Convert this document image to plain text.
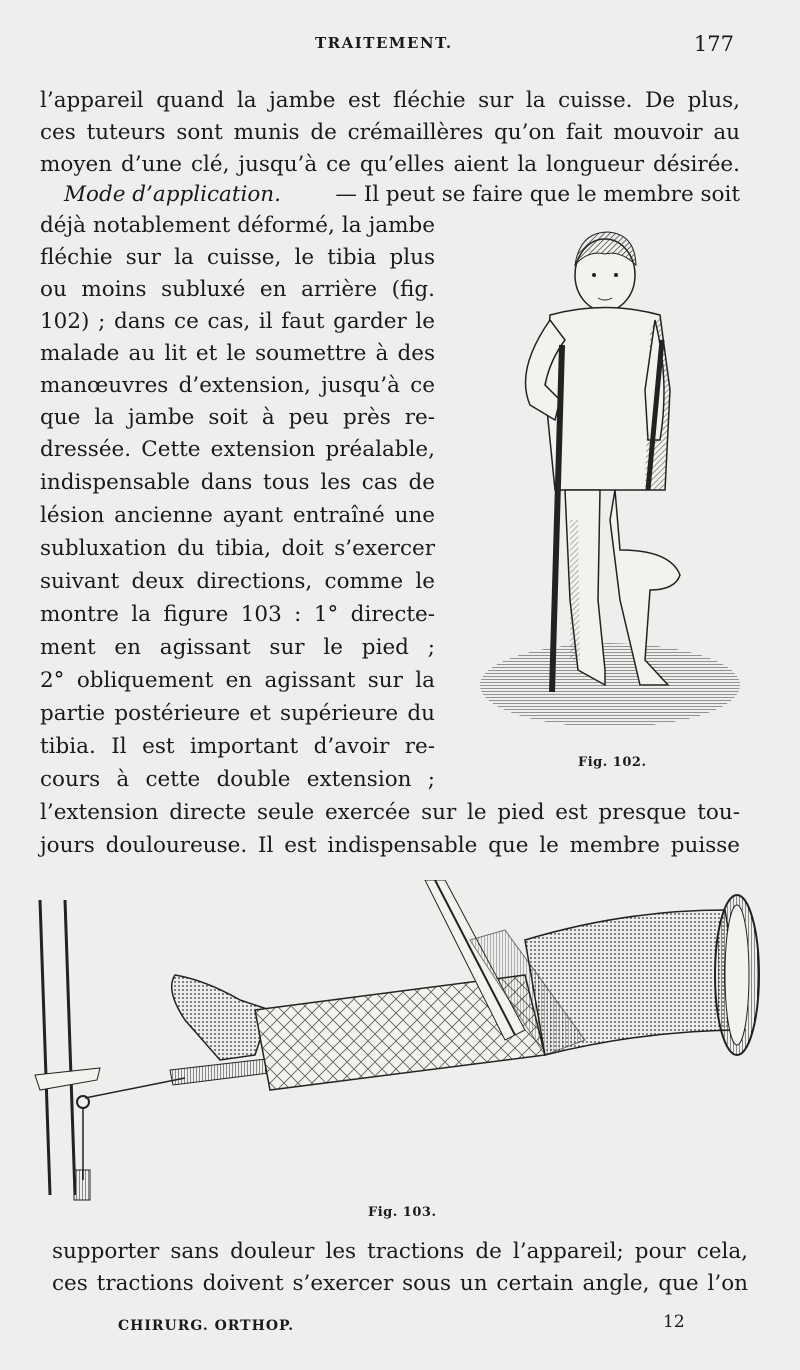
TRAITEMENT.	177
l’appareil quand la jambe est fléchie sur la cuisse. De plus,
ces tuteurs sont munis de crémaillères qu’on fait mouvoir au
moyen d’une clé, jusqu’à ce qu’elles aient la longueur désirée.
Mode d’application.	— Il peut se faire que le membre soit
déjà notablement déformé, la jambe
fléchie sur la cuisse, le tibia plus
ou moins subluxé en arrière (fig.
102) ; dans ce cas, il faut garder le
malade au lit et le soumettre à des
manœuvres d’extension, jusqu’à ce
que la jambe soit à peu près re-
dressée. Cette extension préalable,
indispensable dans tous les cas de
lésion ancienne ayant entraîné une
subluxation du tibia, doit s’exercer
suivant deux directions, comme le
montre la figure 103 : 1° directe-
ment en agissant sur le pied ;
2° obliquement en agissant sur la
partie postérieure et supérieure du
tibia. Il est important d’avoir re-
cours à cette double extension ;
l’extension directe seule exercée sur le pied est presque tou-
jours douloureuse. Il est indispensable que le membre puisse
Fig. 102.
Fig. 103.
supporter sans douleur les tractions de l’appareil; pour cela,
ces tractions doivent s’exercer sous un certain angle, que l’on
CHIRURG. ORTHOP.	12
